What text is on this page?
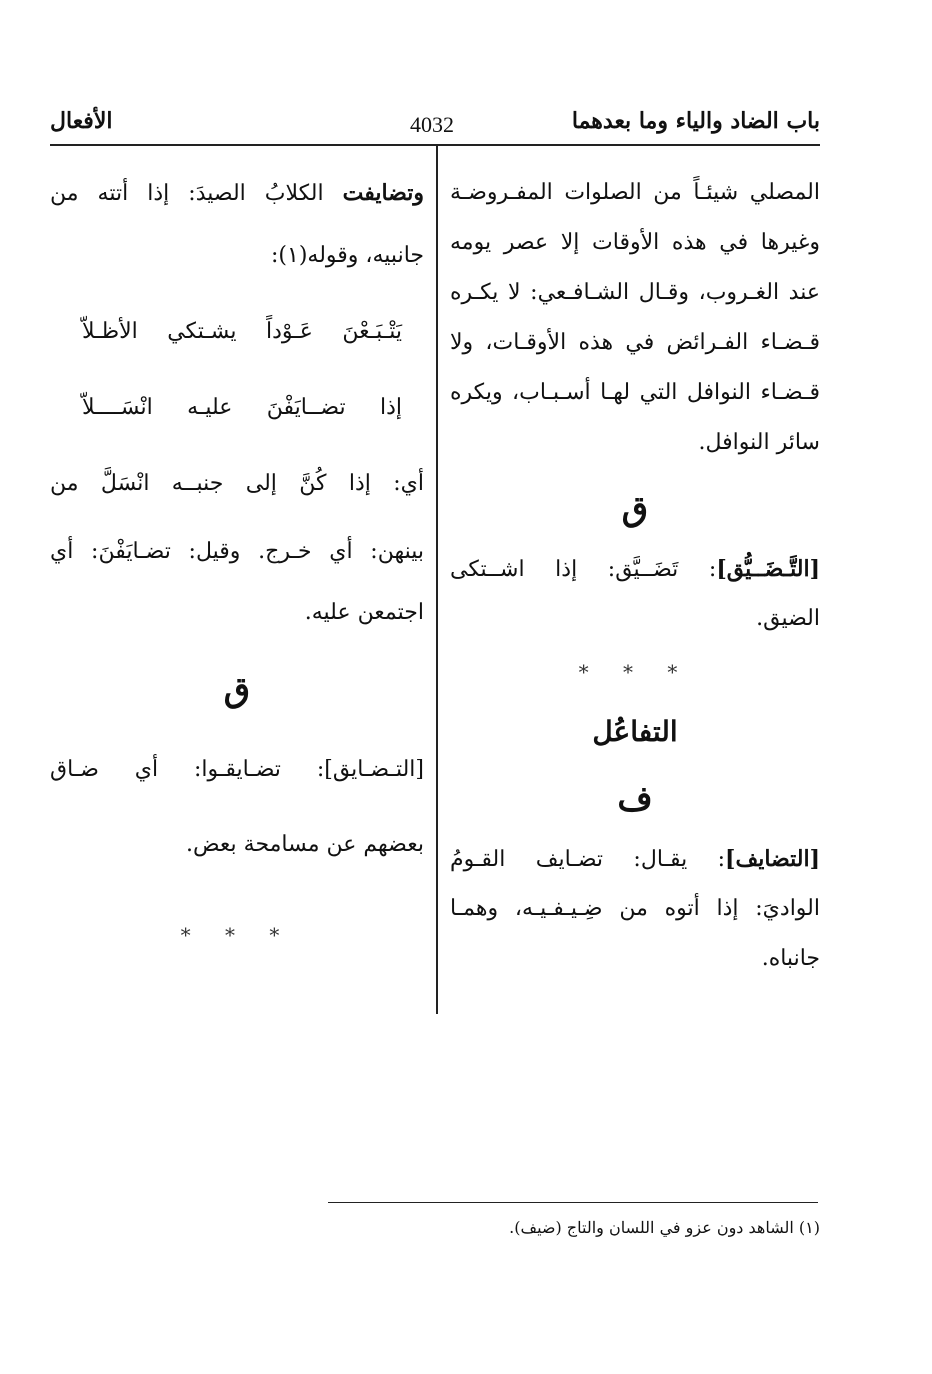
باب الضاد والياء وما بعدهما
4032
الأفعال
المصلي شيئـاً من الصلوات المفـروضـة
وغيرها في هذه الأوقات إلا عصر يومه
عند الغـروب، وقـال الشـافـعي: لا يكـره
قـضـاء الفـرائض في هذه الأوقـات، ولا
قـضـاء النوافل التي لهـا أسـبـاب، ويكره
سائر النوافل.
ق
[التَّـضَــيُّق]: تَضَــيَّق: إذا اشــتكى
الضيق.
* * *
التفاعُل
ف
[التضايف]: يقـال: تضـايف القـومُ
الواديَ: إذا أتوه من ضِـيـفـيـه، وهمـا
جانباه.
وتضايفت الكلابُ الصيدَ: إذا أتته من
جانبيه، وقوله(١):
يَتْـبَـعْنَ عَـوْداً يشـتكي الأظـلاّ
إذا تضــايَفْنَ عليـه انْسَــــلاّ
أي: إذا كُنَّ إلى جنبــه انْسَلَّ من
بينهن: أي خـرج. وقيل: تضـايَفْنَ: أي
اجتمعن عليه.
ق
[التـضـايق]: تضـايقـوا: أي ضـاق
بعضهم عن مسامحة بعض.
* * *
(١) الشاهد دون عزو في اللسان والتاج (ضيف).
